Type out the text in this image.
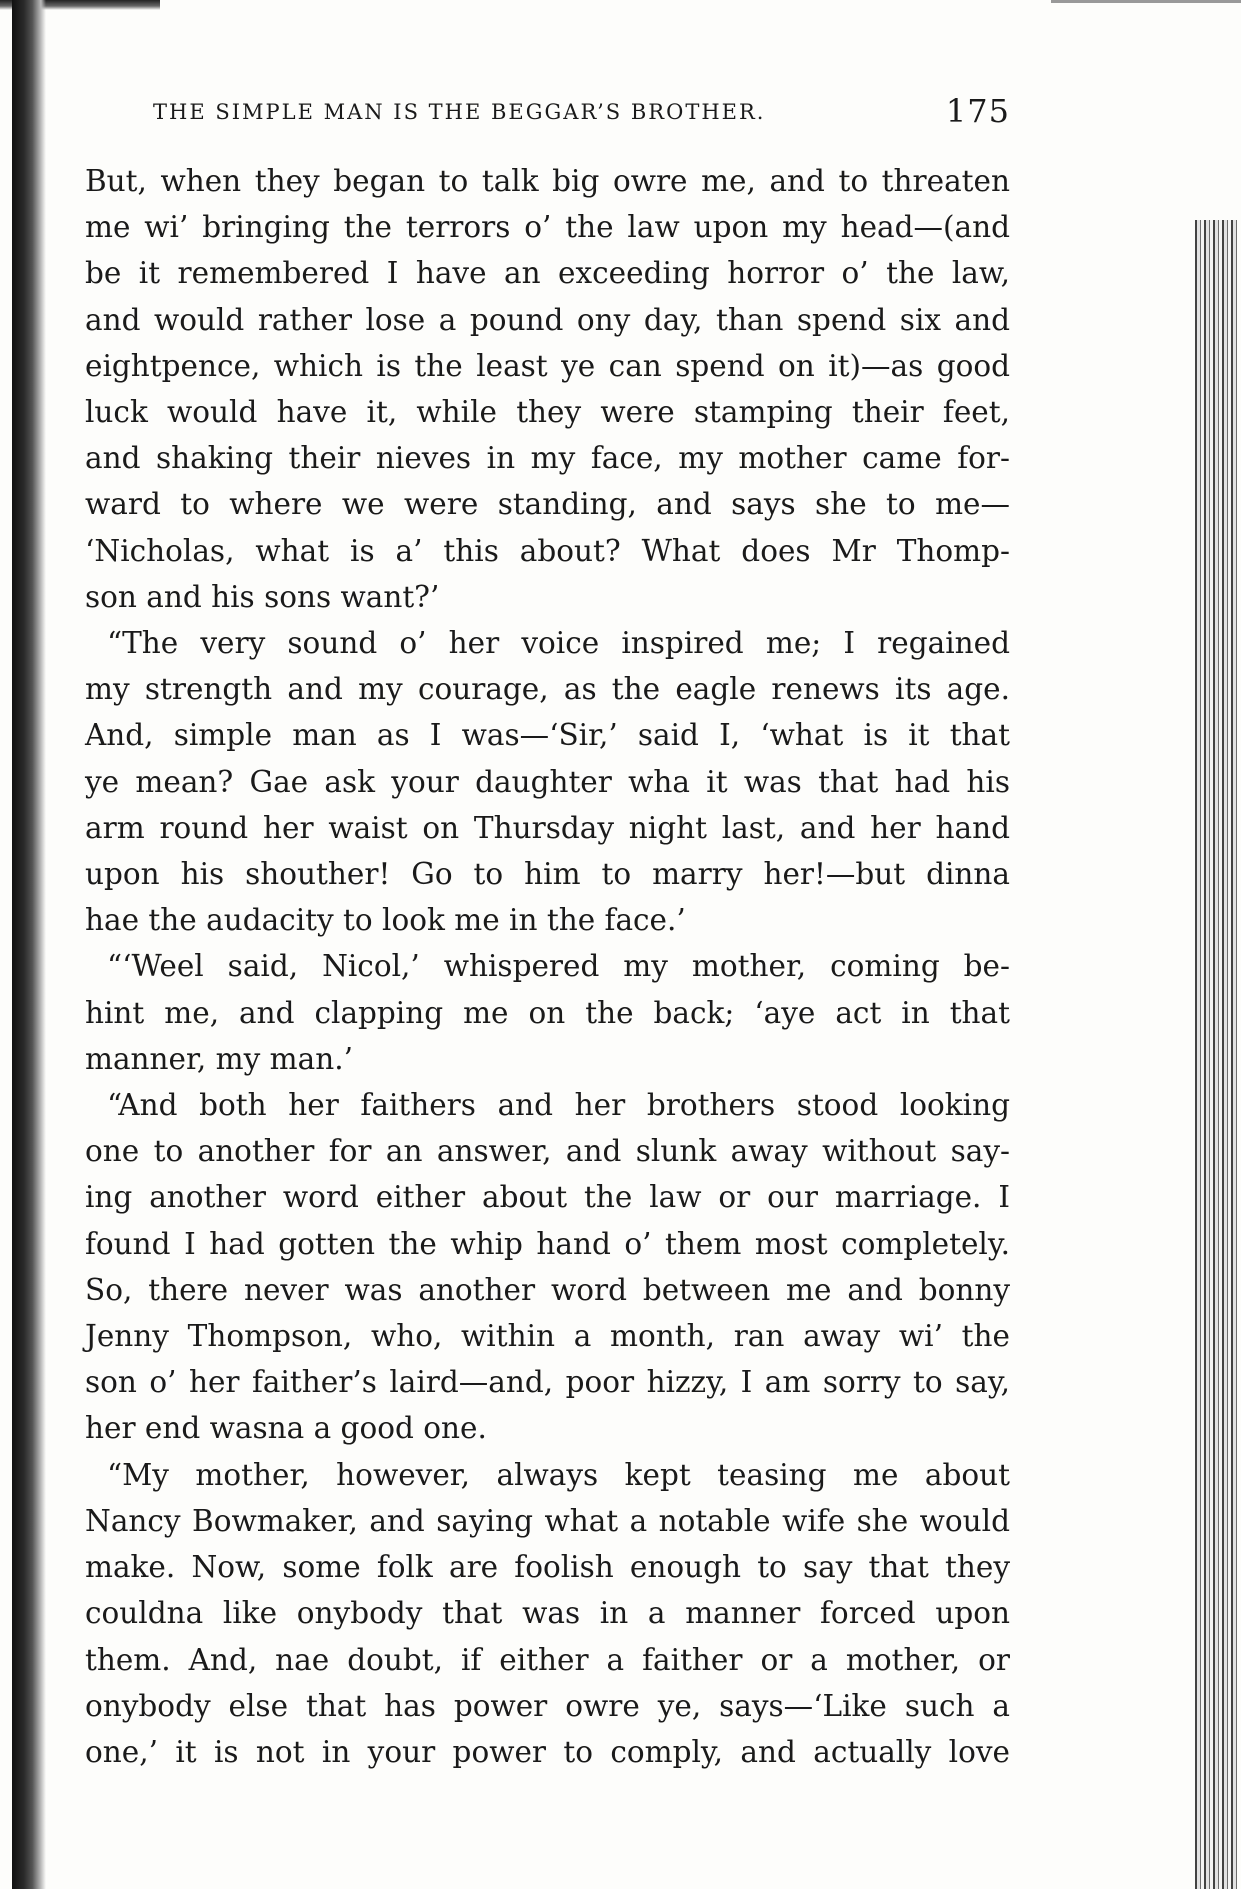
THE SIMPLE MAN IS THE BEGGAR’S BROTHER.	175

But, when they began to talk big owre me, and to threaten
me wi’ bringing the terrors o’ the law upon my head—(and
be it remembered I have an exceeding horror o’ the law,
and would rather lose a pound ony day, than spend six and
eightpence, which is the least ye can spend on it)—as good
luck would have it, while they were stamping their feet,
and shaking their nieves in my face, my mother came for-
ward to where we were standing, and says she to me—
‘Nicholas, what is a’ this about? What does Mr Thomp-
son and his sons want?’

“The very sound o’ her voice inspired me; I regained
my strength and my courage, as the eagle renews its age.
And, simple man as I was—‘Sir,’ said I, ‘what is it that
ye mean? Gae ask your daughter wha it was that had his
arm round her waist on Thursday night last, and her hand
upon his shouther! Go to him to marry her!—but dinna
hae the audacity to look me in the face.’

“‘Weel said, Nicol,’ whispered my mother, coming be-
hint me, and clapping me on the back; ‘aye act in that
manner, my man.’

“And both her faithers and her brothers stood looking
one to another for an answer, and slunk away without say-
ing another word either about the law or our marriage. I
found I had gotten the whip hand o’ them most completely.
So, there never was another word between me and bonny
Jenny Thompson, who, within a month, ran away wi’ the
son o’ her faither’s laird—and, poor hizzy, I am sorry to say,
her end wasna a good one.

“My mother, however, always kept teasing me about
Nancy Bowmaker, and saying what a notable wife she would
make. Now, some folk are foolish enough to say that they
couldna like onybody that was in a manner forced upon
them. And, nae doubt, if either a faither or a mother, or
onybody else that has power owre ye, says—‘Like such a
one,’ it is not in your power to comply, and actually love
